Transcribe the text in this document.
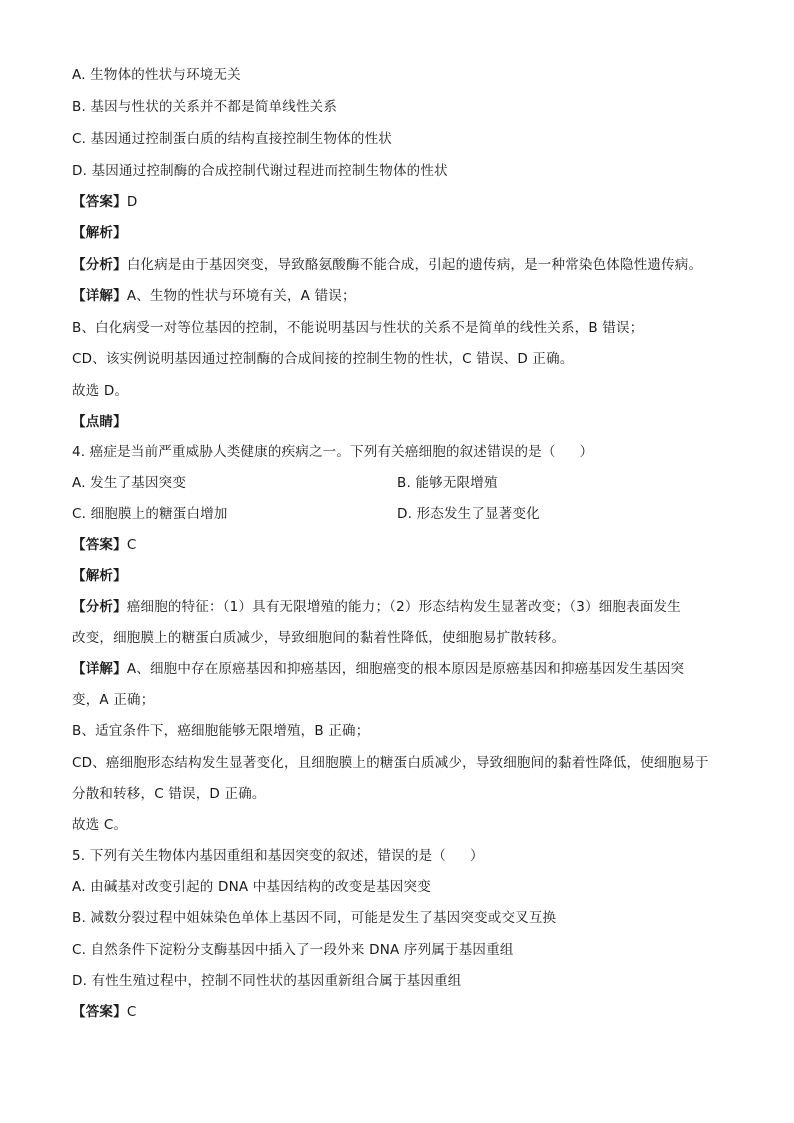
A. 生物体的性状与环境无关
B. 基因与性状的关系并不都是简单线性关系
C. 基因通过控制蛋白质的结构直接控制生物体的性状
D. 基因通过控制酶的合成控制代谢过程进而控制生物体的性状
【答案】D
【解析】
【分析】白化病是由于基因突变，导致酪氨酸酶不能合成，引起的遗传病，是一种常染色体隐性遗传病。
【详解】A、生物的性状与环境有关，A 错误；
B、白化病受一对等位基因的控制，不能说明基因与性状的关系不是简单的线性关系，B 错误；
CD、该实例说明基因通过控制酶的合成间接的控制生物的性状，C 错误、D 正确。
故选 D。
【点睛】
4. 癌症是当前严重威胁人类健康的疾病之一。下列有关癌细胞的叙述错误的是（ ）
A. 发生了基因突变	B. 能够无限增殖
C. 细胞膜上的糖蛋白增加	D. 形态发生了显著变化
【答案】C
【解析】
【分析】癌细胞的特征：（1）具有无限增殖的能力；（2）形态结构发生显著改变；（3）细胞表面发生
改变，细胞膜上的糖蛋白质减少，导致细胞间的黏着性降低，使细胞易扩散转移。
【详解】A、细胞中存在原癌基因和抑癌基因，细胞癌变的根本原因是原癌基因和抑癌基因发生基因突
变，A 正确；
B、适宜条件下，癌细胞能够无限增殖，B 正确；
CD、癌细胞形态结构发生显著变化，且细胞膜上的糖蛋白质减少，导致细胞间的黏着性降低，使细胞易于
分散和转移，C 错误，D 正确。
故选 C。
5. 下列有关生物体内基因重组和基因突变的叙述，错误的是（ ）
A. 由碱基对改变引起的 DNA 中基因结构的改变是基因突变
B. 减数分裂过程中姐妹染色单体上基因不同，可能是发生了基因突变或交叉互换
C. 自然条件下淀粉分支酶基因中插入了一段外来 DNA 序列属于基因重组
D. 有性生殖过程中，控制不同性状的基因重新组合属于基因重组
【答案】C
